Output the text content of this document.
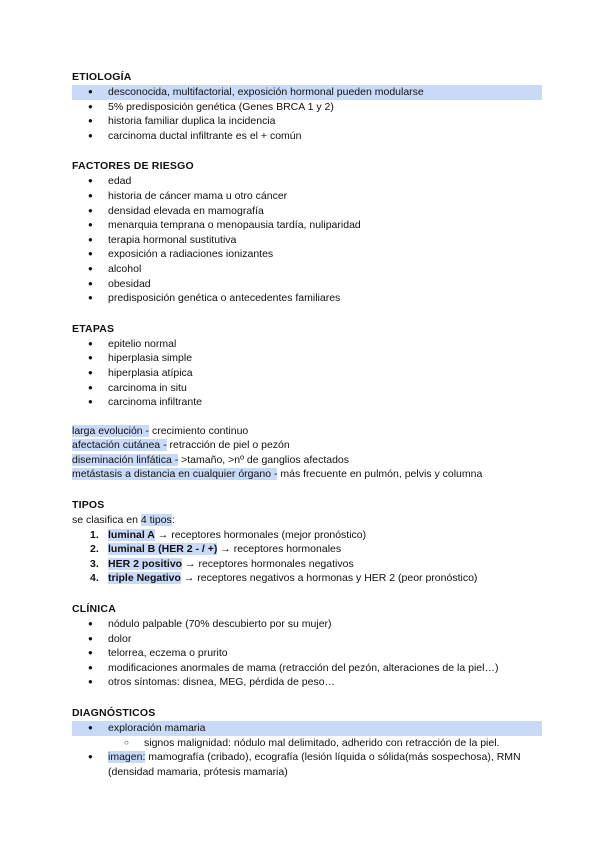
ETIOLOGÍA
● desconocida, multifactorial, exposición hormonal pueden modularse
● 5% predisposición genética (Genes BRCA 1 y 2)
● historia familiar duplica la incidencia
● carcinoma ductal infiltrante es el + común
FACTORES DE RIESGO
● edad
● historia de cáncer mama u otro cáncer
● densidad elevada en mamografía
● menarquia temprana o menopausia tardía, nuliparidad
● terapia hormonal sustitutiva
● exposición a radiaciones ionizantes
● alcohol
● obesidad
● predisposición genética o antecedentes familiares
ETAPAS
● epitelio normal
● hiperplasia simple
● hiperplasia atípica
● carcinoma in situ
● carcinoma infiltrante

larga evolución - crecimiento continuo

afectación cutánea - retracción de piel o pezón

diseminación linfática - >tamaño, >nº de ganglios afectados

metástasis a distancia en cualquier órgano - más frecuente en pulmón, pelvis y columna

TIPOS

se clasifica en 4 tipos:

1. luminal A → receptores hormonales (mejor pronóstico)
2. luminal B (HER 2 - / +) → receptores hormonales
3. HER 2 positivo → receptores hormonales negativos
4. triple Negativo → receptores negativos a hormonas y HER 2 (peor pronóstico)
CLÍNICA
● nódulo palpable (70% descubierto por su mujer)
● dolor
● telorrea, eczema o prurito
● modificaciones anormales de mama (retracción del pezón, alteraciones de la piel…)
● otros síntomas: disnea, MEG, pérdida de peso…
DIAGNÓSTICOS
● exploración mamaria
○ signos malignidad: nódulo mal delimitado, adherido con retracción de la piel.
● imagen: mamografía (cribado), ecografía (lesión líquida o sólida(más sospechosa), RMN (densidad mamaria, prótesis mamaria)
